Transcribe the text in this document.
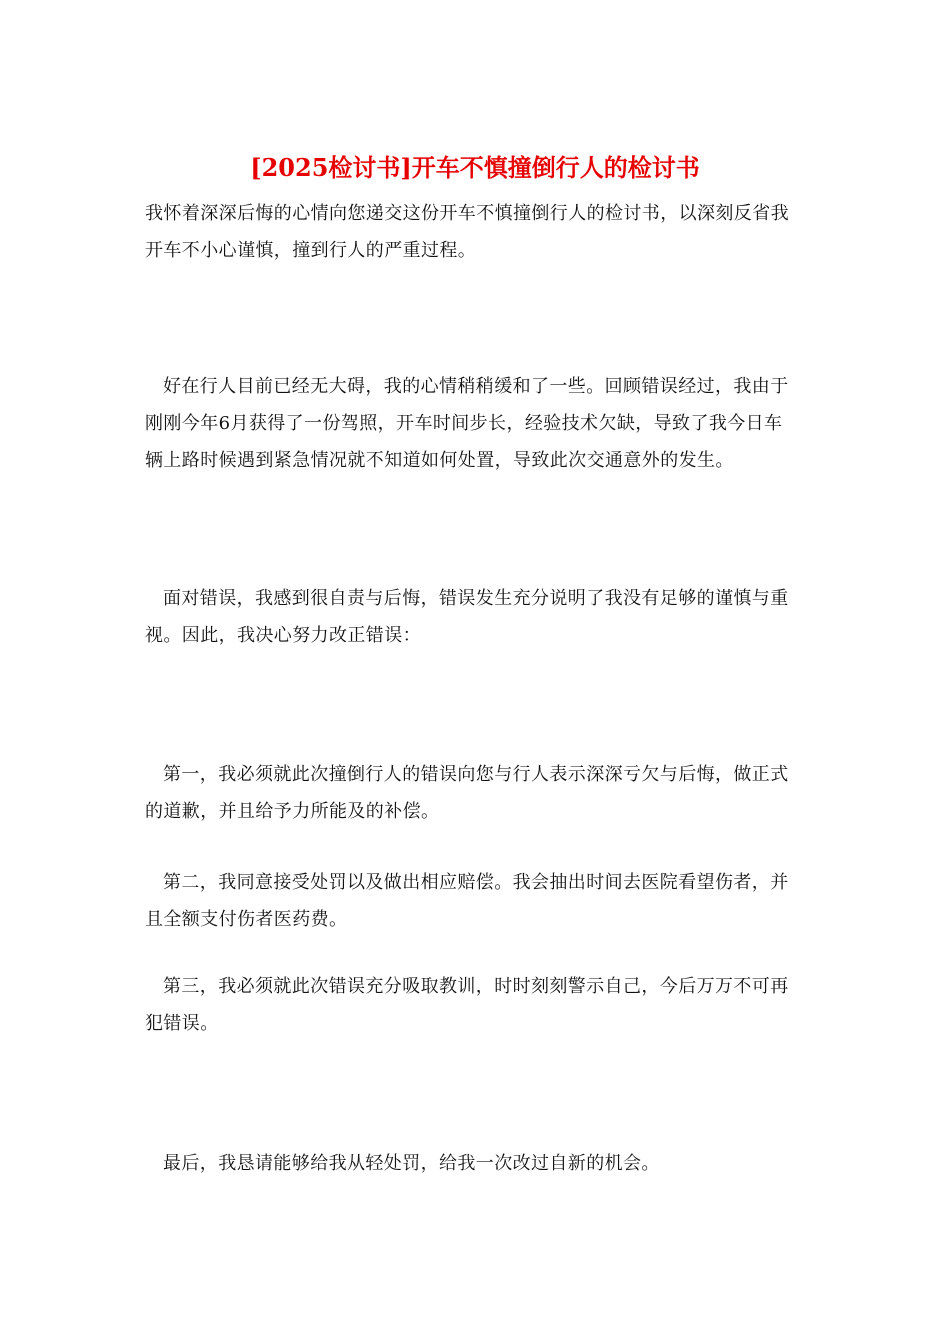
[2025检讨书]开车不慎撞倒行人的检讨书

我怀着深深后悔的心情向您递交这份开车不慎撞倒行人的检讨书，以深刻反省我开车不小心谨慎，撞到行人的严重过程。

好在行人目前已经无大碍，我的心情稍稍缓和了一些。回顾错误经过，我由于刚刚今年6月获得了一份驾照，开车时间步长，经验技术欠缺，导致了我今日车辆上路时候遇到紧急情况就不知道如何处置，导致此次交通意外的发生。

面对错误，我感到很自责与后悔，错误发生充分说明了我没有足够的谨慎与重视。因此，我决心努力改正错误：

第一，我必须就此次撞倒行人的错误向您与行人表示深深亏欠与后悔，做正式的道歉，并且给予力所能及的补偿。

第二，我同意接受处罚以及做出相应赔偿。我会抽出时间去医院看望伤者，并且全额支付伤者医药费。

第三，我必须就此次错误充分吸取教训，时时刻刻警示自己，今后万万不可再犯错误。

最后，我恳请能够给我从轻处罚，给我一次改过自新的机会。
